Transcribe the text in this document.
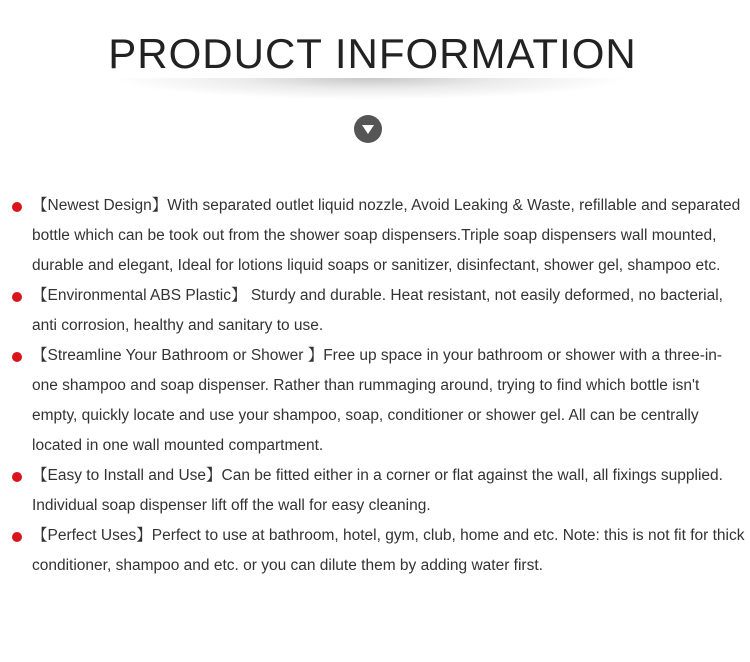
PRODUCT INFORMATION
【Newest Design】With separated outlet liquid nozzle, Avoid Leaking & Waste, refillable and separated bottle which can be took out from the shower soap dispensers.Triple soap dispensers wall mounted, durable and elegant, Ideal for lotions liquid soaps or sanitizer, disinfectant, shower gel, shampoo etc.
【Environmental ABS Plastic】 Sturdy and durable. Heat resistant, not easily deformed, no bacterial, anti corrosion, healthy and sanitary to use.
【Streamline Your Bathroom or Shower 】Free up space in your bathroom or shower with a three-in-one shampoo and soap dispenser. Rather than rummaging around, trying to find which bottle isn't empty, quickly locate and use your shampoo, soap, conditioner or shower gel. All can be centrally located in one wall mounted compartment.
【Easy to Install and Use】Can be fitted either in a corner or flat against the wall, all fixings supplied. Individual soap dispenser lift off the wall for easy cleaning.
【Perfect Uses】Perfect to use at bathroom, hotel, gym, club, home and etc. Note: this is not fit for thick conditioner, shampoo and etc. or you can dilute them by adding water first.
